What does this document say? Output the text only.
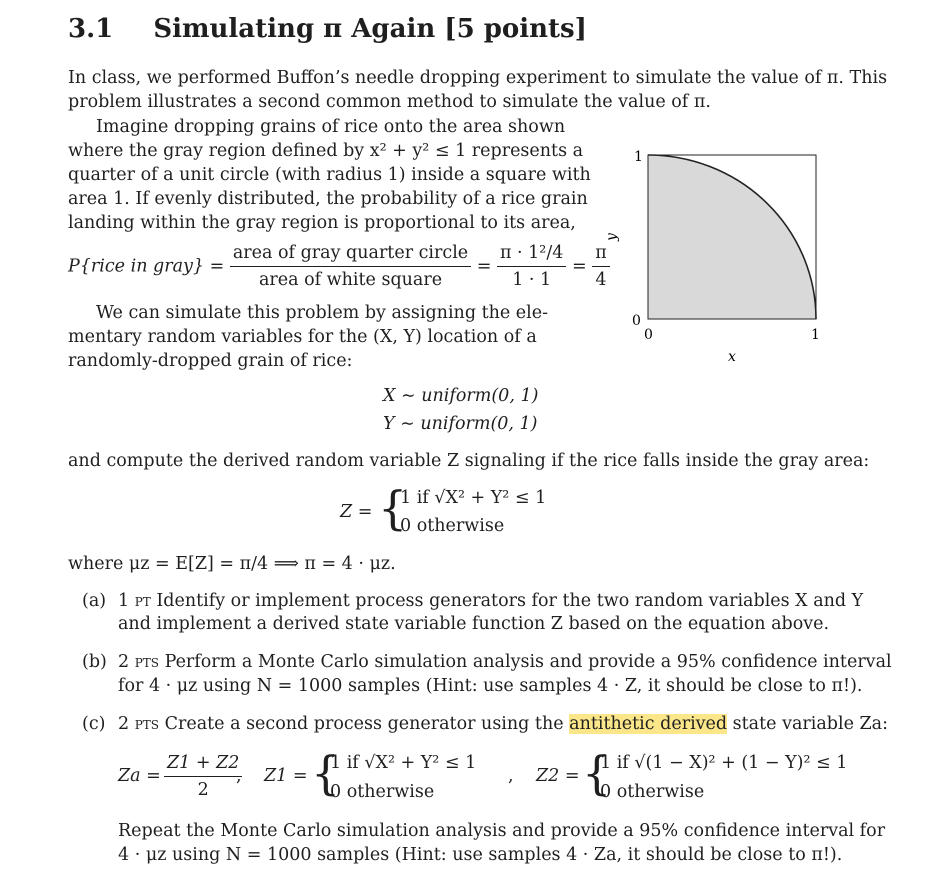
3.1 Simulating π Again [5 points]
In class, we performed Buffon’s needle dropping experiment to simulate the value of π. This
problem illustrates a second common method to simulate the value of π.
Imagine dropping grains of rice onto the area shown
where the gray region defined by x² + y² ≤ 1 represents a
quarter of a unit circle (with radius 1) inside a square with
area 1. If evenly distributed, the probability of a rice grain
landing within the gray region is proportional to its area,
P{rice in gray} = $\frac{\text{area of gray quarter circle}}{\text{area of white square}} = \frac{\text{π · 1²/4}}{1 \cdot 1} = \frac{\pi}{4}$
We can simulate this problem by assigning the ele-
mentary random variables for the (X, Y) location of a
randomly-dropped grain of rice:
1
0
0	1
y
x
X ∼ uniform(0, 1)
Y ∼ uniform(0, 1)
and compute the derived random variable Z signaling if the rice falls inside the gray area:
Z = {
1 if √X² + Y² ≤ 1
0 otherwise
where μz = E[Z] = π/4 ⟹ π = 4 · μz.
(a) 1 pt Identify or implement process generators for the two random variables X and Y
and implement a derived state variable function Z based on the equation above.
(b) 2 pts Perform a Monte Carlo simulation analysis and provide a 95% confidence interval
for 4 · μz using N = 1000 samples (Hint: use samples 4 · Z, it should be close to π!).
(c) 2 pts Create a second process generator using the antithetic derived state variable Za:
$Za = \frac{Z1 + Z2}{2}$
, Z1 = {
1 if √X² + Y² ≤ 1
0 otherwise
, Z2 = {
1 if √(1 − X)² + (1 − Y)² ≤ 1
0 otherwise
Repeat the Monte Carlo simulation analysis and provide a 95% confidence interval for
4 · μz using N = 1000 samples (Hint: use samples 4 · Za, it should be close to π!).
